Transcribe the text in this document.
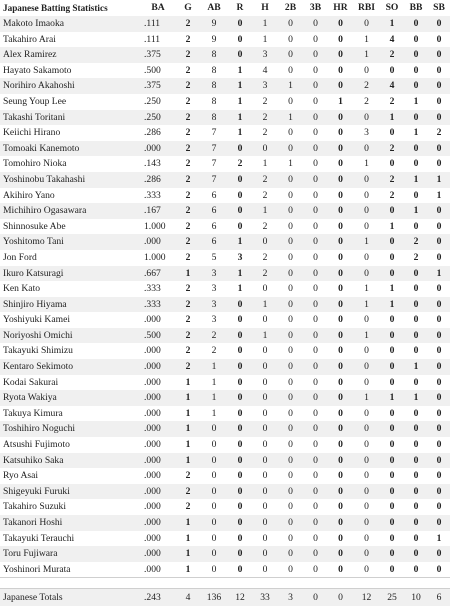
Japanese Batting Statistics	BA	G	AB	R	H	2B	3B	HR	RBI	SO	BB	SB
Makoto Imaoka	.111	2	9	0	1	0	0	0	0	1	0	0
Takahiro Arai	.111	2	9	0	1	0	0	0	1	4	0	0
Alex Ramirez	.375	2	8	0	3	0	0	0	1	2	0	0
Hayato Sakamoto	.500	2	8	1	4	0	0	0	0	0	0	0
Norihiro Akahoshi	.375	2	8	1	3	1	0	0	2	4	0	0
Seung Youp Lee	.250	2	8	1	2	0	0	1	2	2	1	0
Takashi Toritani	.250	2	8	1	2	1	0	0	0	1	0	0
Keiichi Hirano	.286	2	7	1	2	0	0	0	3	0	1	2
Tomoaki Kanemoto	.000	2	7	0	0	0	0	0	0	2	0	0
Tomohiro Nioka	.143	2	7	2	1	1	0	0	1	0	0	0
Yoshinobu Takahashi	.286	2	7	0	2	0	0	0	0	2	1	1
Akihiro Yano	.333	2	6	0	2	0	0	0	0	2	0	1
Michihiro Ogasawara	.167	2	6	0	1	0	0	0	0	0	1	0
Shinnosuke Abe	1.000	2	6	0	2	0	0	0	0	1	0	0
Yoshitomo Tani	.000	2	6	1	0	0	0	0	1	0	2	0
Jon Ford	1.000	2	5	3	2	0	0	0	0	0	2	0
Ikuro Katsuragi	.667	1	3	1	2	0	0	0	0	0	0	1
Ken Kato	.333	2	3	1	0	0	0	0	1	1	0	0
Shinjiro Hiyama	.333	2	3	0	1	0	0	0	1	1	0	0
Yoshiyuki Kamei	.000	2	3	0	0	0	0	0	0	0	0	0
Noriyoshi Omichi	.500	2	2	0	1	0	0	0	1	0	0	0
Takayuki Shimizu	.000	2	2	0	0	0	0	0	0	0	0	0
Kentaro Sekimoto	.000	2	1	0	0	0	0	0	0	0	1	0
Kodai Sakurai	.000	1	1	0	0	0	0	0	0	0	0	0
Ryota Wakiya	.000	1	1	0	0	0	0	0	1	1	1	0
Takuya Kimura	.000	1	1	0	0	0	0	0	0	0	0	0
Toshihiro Noguchi	.000	1	0	0	0	0	0	0	0	0	0	0
Atsushi Fujimoto	.000	1	0	0	0	0	0	0	0	0	0	0
Katsuhiko Saka	.000	1	0	0	0	0	0	0	0	0	0	0
Ryo Asai	.000	2	0	0	0	0	0	0	0	0	0	0
Shigeyuki Furuki	.000	2	0	0	0	0	0	0	0	0	0	0
Takahiro Suzuki	.000	2	0	0	0	0	0	0	0	0	0	0
Takanori Hoshi	.000	1	0	0	0	0	0	0	0	0	0	0
Takayuki Terauchi	.000	1	0	0	0	0	0	0	0	0	0	1
Toru Fujiwara	.000	1	0	0	0	0	0	0	0	0	0	0
Yoshinori Murata	.000	1	0	0	0	0	0	0	0	0	0	0

Japanese Totals	.243	4	136	12	33	3	0	0	12	25	10	6
